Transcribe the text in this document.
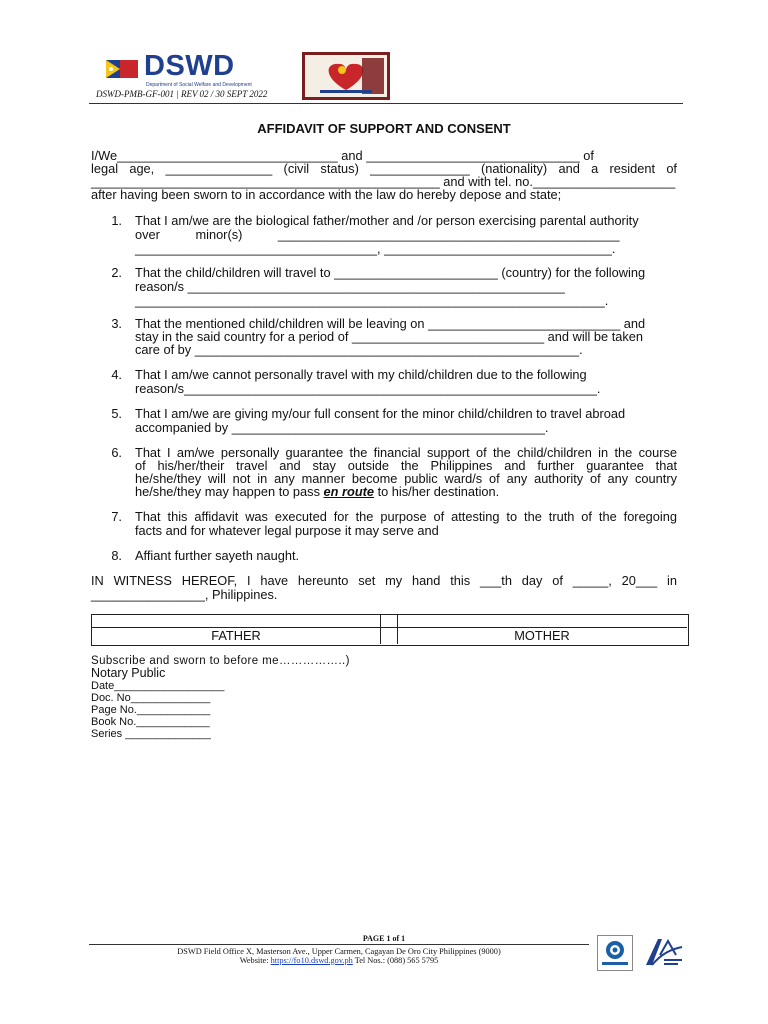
DSWD
Department of Social Welfare and Development
DSWD-PMB-GF-001 | REV 02 / 30 SEPT 2022
AFFIDAVIT OF SUPPORT AND CONSENT
I/We_______________________________ and ______________________________ of
legal age, _______________ (civil status) ______________ (nationality) and a resident of
_________________________________________________ and with tel. no.____________________
after having been sworn to in accordance with the law do hereby depose and state;
1. That I am/we are the biological father/mother and /or person exercising parental authority
over          minor(s)          ________________________________________________
__________________________________, ________________________________.
2. That the child/children will travel to _______________________ (country) for the following
reason/s _____________________________________________________
__________________________________________________________________.
3. That the mentioned child/children will be leaving on ___________________________ and
stay in the said country for a period of ___________________________ and will be taken
care of by ______________________________________________________.
4. That I am/we cannot personally travel with my child/children due to the following
reason/s__________________________________________________________.
5. That I am/we are giving my/our full consent for the minor child/children to travel abroad
accompanied by ____________________________________________.
6. That I am/we personally guarantee the financial support of the child/children in the course
of his/her/their travel and stay outside the Philippines and further guarantee that
he/she/they will not in any manner become public ward/s of any authority of any country
he/she/they may happen to pass en route to his/her destination.
7. That this affidavit was executed for the purpose of attesting to the truth of the foregoing
facts and for whatever legal purpose it may serve and
8. Affiant further sayeth naught.
IN WITNESS HEREOF, I have hereunto set my hand this ___th day of _____, 20___ in
________________, Philippines.
FATHER	MOTHER
Subscribe and sworn to before me……………..)
Notary Public
Date__________________
Doc. No_____________
Page No.____________
Book No.____________
Series ______________
PAGE 1 of 1
DSWD Field Office X, Masterson Ave., Upper Carmen, Cagayan De Oro City Philippines (9000)
Website: https://fo10.dswd.gov.ph Tel Nos.: (088) 565 5795
